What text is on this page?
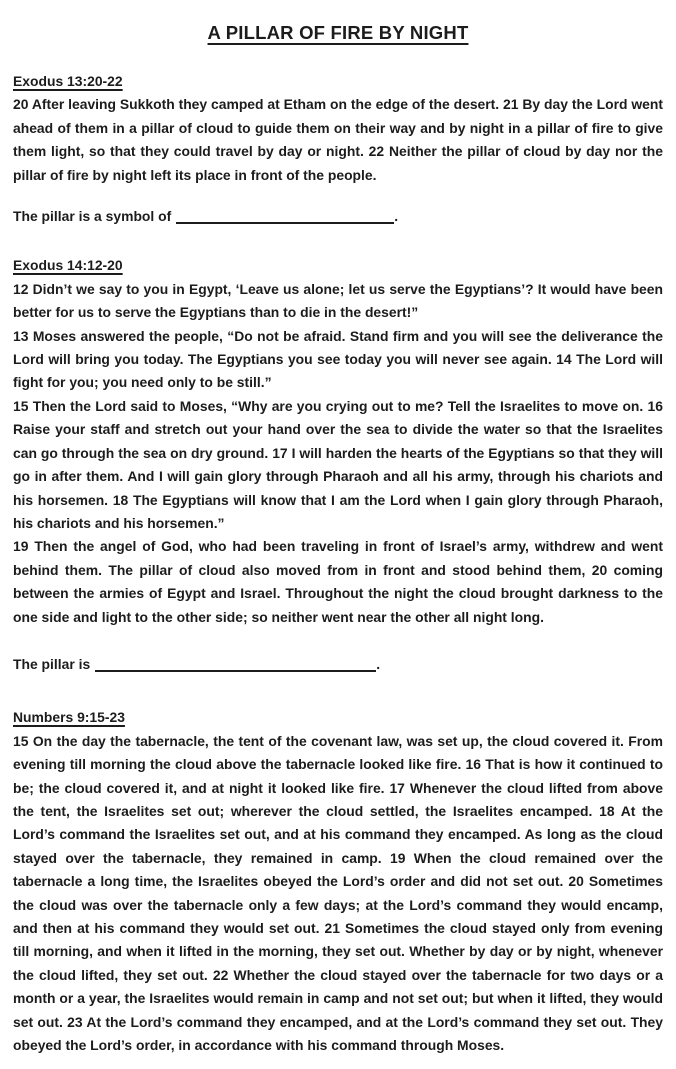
A PILLAR OF FIRE BY NIGHT
Exodus 13:20-22

20 After leaving Sukkoth they camped at Etham on the edge of the desert. 21 By day the Lord went ahead of them in a pillar of cloud to guide them on their way and by night in a pillar of fire to give them light, so that they could travel by day or night. 22 Neither the pillar of cloud by day nor the pillar of fire by night left its place in front of the people.

The pillar is a symbol of	.
Exodus 14:12-20

12 Didn’t we say to you in Egypt, ‘Leave us alone; let us serve the Egyptians’? It would have been better for us to serve the Egyptians than to die in the desert!”

13 Moses answered the people, “Do not be afraid. Stand firm and you will see the deliverance the Lord will bring you today. The Egyptians you see today you will never see again. 14 The Lord will fight for you; you need only to be still.”

15 Then the Lord said to Moses, “Why are you crying out to me? Tell the Israelites to move on. 16 Raise your staff and stretch out your hand over the sea to divide the water so that the Israelites can go through the sea on dry ground. 17 I will harden the hearts of the Egyptians so that they will go in after them. And I will gain glory through Pharaoh and all his army, through his chariots and his horsemen. 18 The Egyptians will know that I am the Lord when I gain glory through Pharaoh, his chariots and his horsemen.”

19 Then the angel of God, who had been traveling in front of Israel’s army, withdrew and went behind them. The pillar of cloud also moved from in front and stood behind them, 20 coming between the armies of Egypt and Israel. Throughout the night the cloud brought darkness to the one side and light to the other side; so neither went near the other all night long.

The pillar is	.
Numbers 9:15-23

15 On the day the tabernacle, the tent of the covenant law, was set up, the cloud covered it. From evening till morning the cloud above the tabernacle looked like fire. 16 That is how it continued to be; the cloud covered it, and at night it looked like fire. 17 Whenever the cloud lifted from above the tent, the Israelites set out; wherever the cloud settled, the Israelites encamped. 18 At the Lord’s command the Israelites set out, and at his command they encamped. As long as the cloud stayed over the tabernacle, they remained in camp. 19 When the cloud remained over the tabernacle a long time, the Israelites obeyed the Lord’s order and did not set out. 20 Sometimes the cloud was over the tabernacle only a few days; at the Lord’s command they would encamp, and then at his command they would set out. 21 Sometimes the cloud stayed only from evening till morning, and when it lifted in the morning, they set out. Whether by day or by night, whenever the cloud lifted, they set out. 22 Whether the cloud stayed over the tabernacle for two days or a month or a year, the Israelites would remain in camp and not set out; but when it lifted, they would set out. 23 At the Lord’s command they encamped, and at the Lord’s command they set out. They obeyed the Lord’s order, in accordance with his command through Moses.
